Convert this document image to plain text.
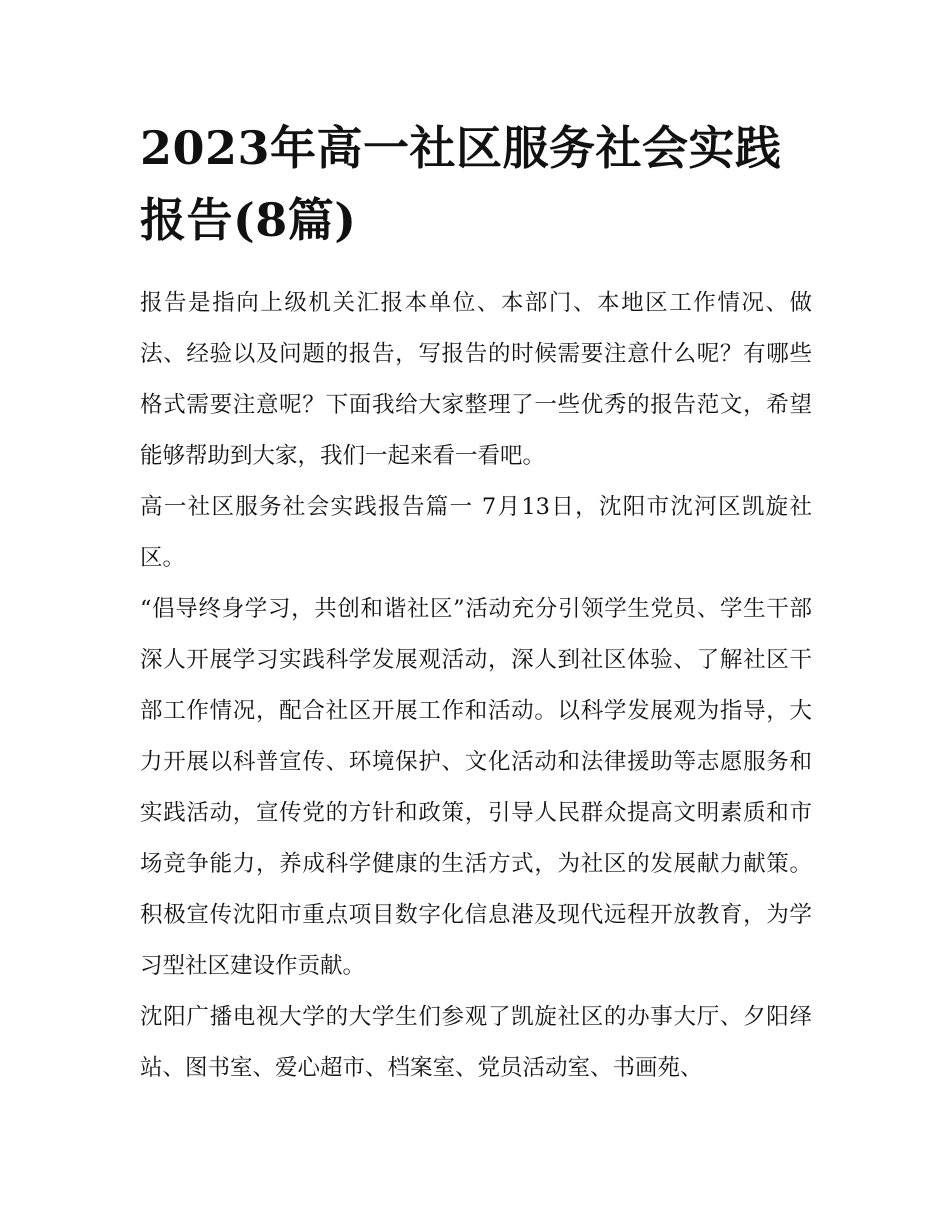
2023年高一社区服务社会实践报告(8篇)

报告是指向上级机关汇报本单位、本部门、本地区工作情况、做法、经验以及问题的报告，写报告的时候需要注意什么呢？有哪些格式需要注意呢？下面我给大家整理了一些优秀的报告范文，希望能够帮助到大家，我们一起来看一看吧。

高一社区服务社会实践报告篇一 7月13日，沈阳市沈河区凯旋社区。

“倡导终身学习，共创和谐社区”活动充分引领学生党员、学生干部深人开展学习实践科学发展观活动，深人到社区体验、了解社区干部工作情况，配合社区开展工作和活动。以科学发展观为指导，大力开展以科普宣传、环境保护、文化活动和法律援助等志愿服务和实践活动，宣传党的方针和政策，引导人民群众提高文明素质和市场竞争能力，养成科学健康的生活方式，为社区的发展献力献策。积极宣传沈阳市重点项目数字化信息港及现代远程开放教育，为学习型社区建设作贡献。

沈阳广播电视大学的大学生们参观了凯旋社区的办事大厅、夕阳绎站、图书室、爱心超市、档案室、党员活动室、书画苑、
